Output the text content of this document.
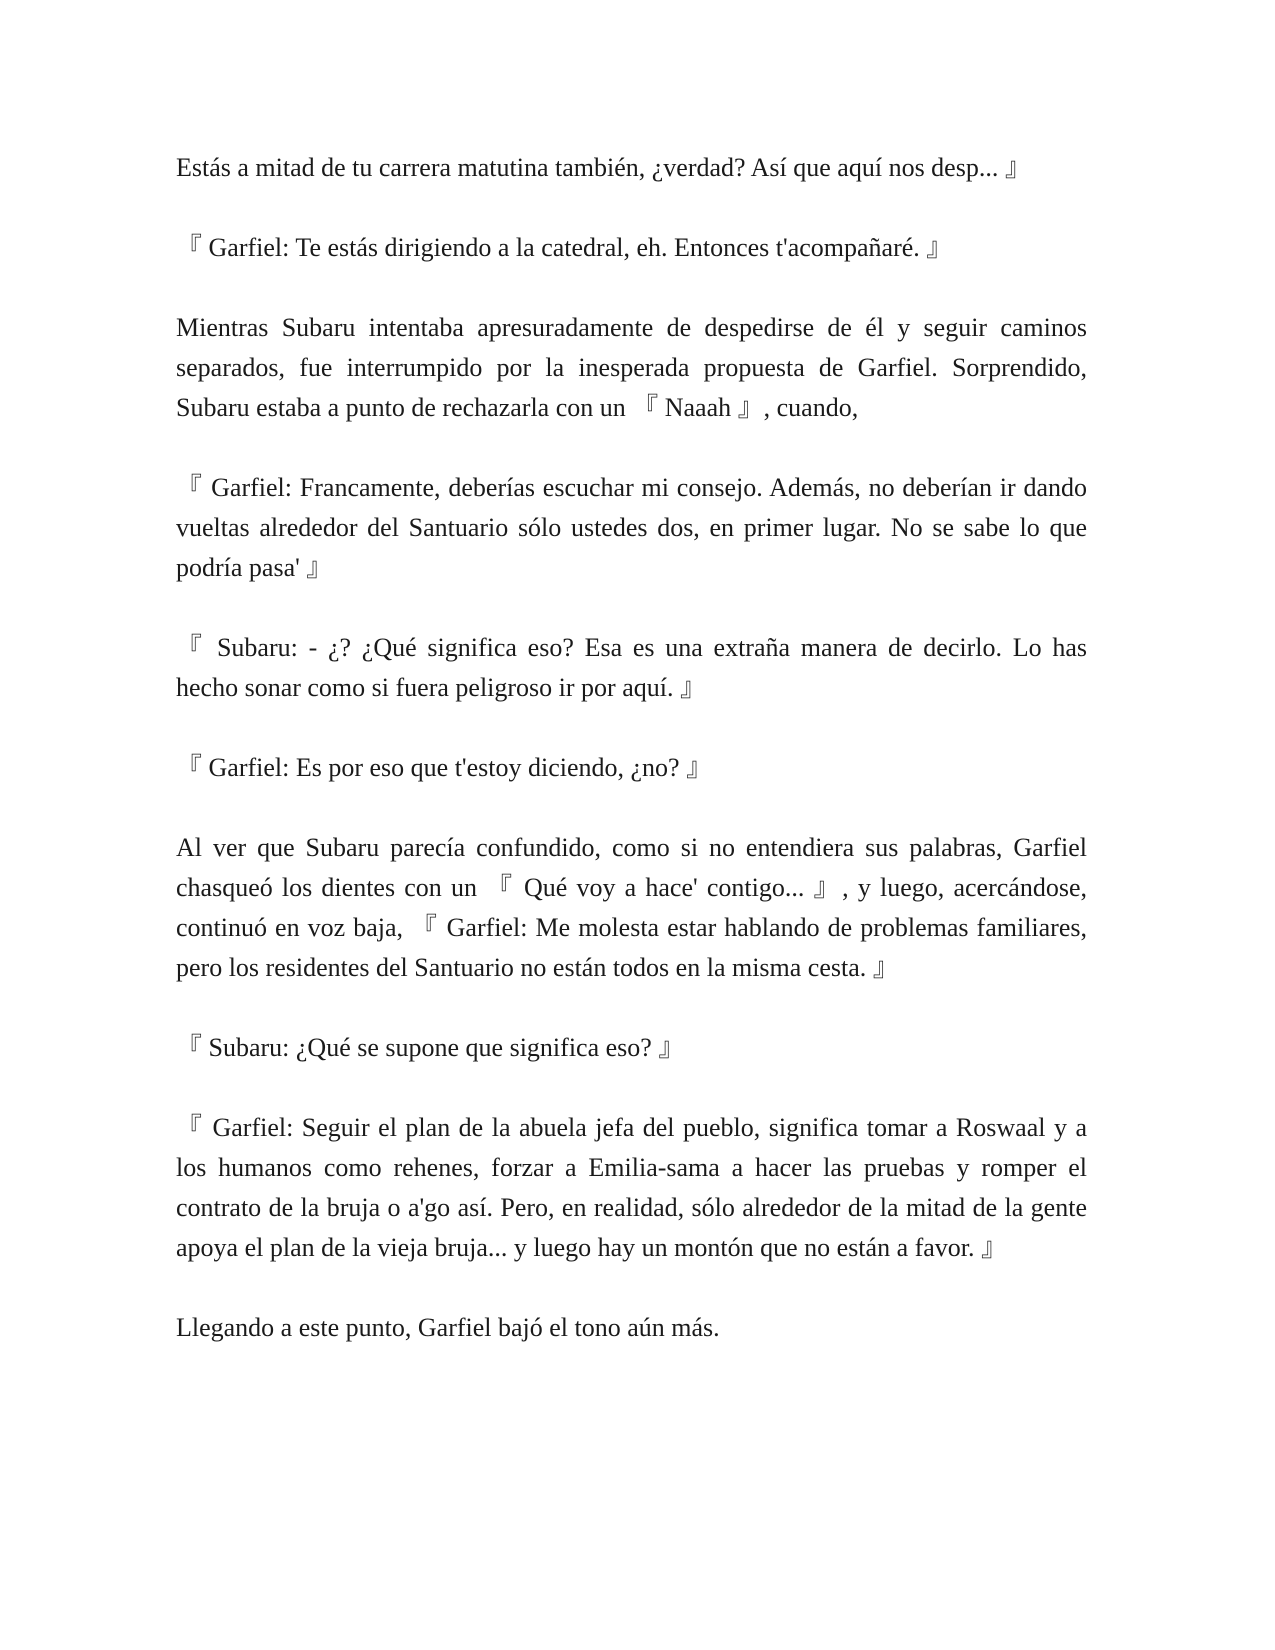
Estás a mitad de tu carrera matutina también, ¿verdad? Así que aquí nos desp... 』

『 Garfiel: Te estás dirigiendo a la catedral, eh. Entonces t'acompañaré. 』

Mientras Subaru intentaba apresuradamente de despedirse de él y seguir caminos separados, fue interrumpido por la inesperada propuesta de Garfiel. Sorprendido, Subaru estaba a punto de rechazarla con un 『 Naaah 』, cuando,

『 Garfiel: Francamente, deberías escuchar mi consejo. Además, no deberían ir dando vueltas alrededor del Santuario sólo ustedes dos, en primer lugar. No se sabe lo que podría pasa' 』

『 Subaru: - ¿? ¿Qué significa eso? Esa es una extraña manera de decirlo. Lo has hecho sonar como si fuera peligroso ir por aquí. 』

『 Garfiel: Es por eso que t'estoy diciendo, ¿no? 』

Al ver que Subaru parecía confundido, como si no entendiera sus palabras, Garfiel chasqueó los dientes con un 『 Qué voy a hace' contigo... 』, y luego, acercándose, continuó en voz baja, 『 Garfiel: Me molesta estar hablando de problemas familiares, pero los residentes del Santuario no están todos en la misma cesta. 』

『 Subaru: ¿Qué se supone que significa eso? 』

『 Garfiel: Seguir el plan de la abuela jefa del pueblo, significa tomar a Roswaal y a los humanos como rehenes, forzar a Emilia-sama a hacer las pruebas y romper el contrato de la bruja o a'go así. Pero, en realidad, sólo alrededor de la mitad de la gente apoya el plan de la vieja bruja... y luego hay un montón que no están a favor. 』

Llegando a este punto, Garfiel bajó el tono aún más.
